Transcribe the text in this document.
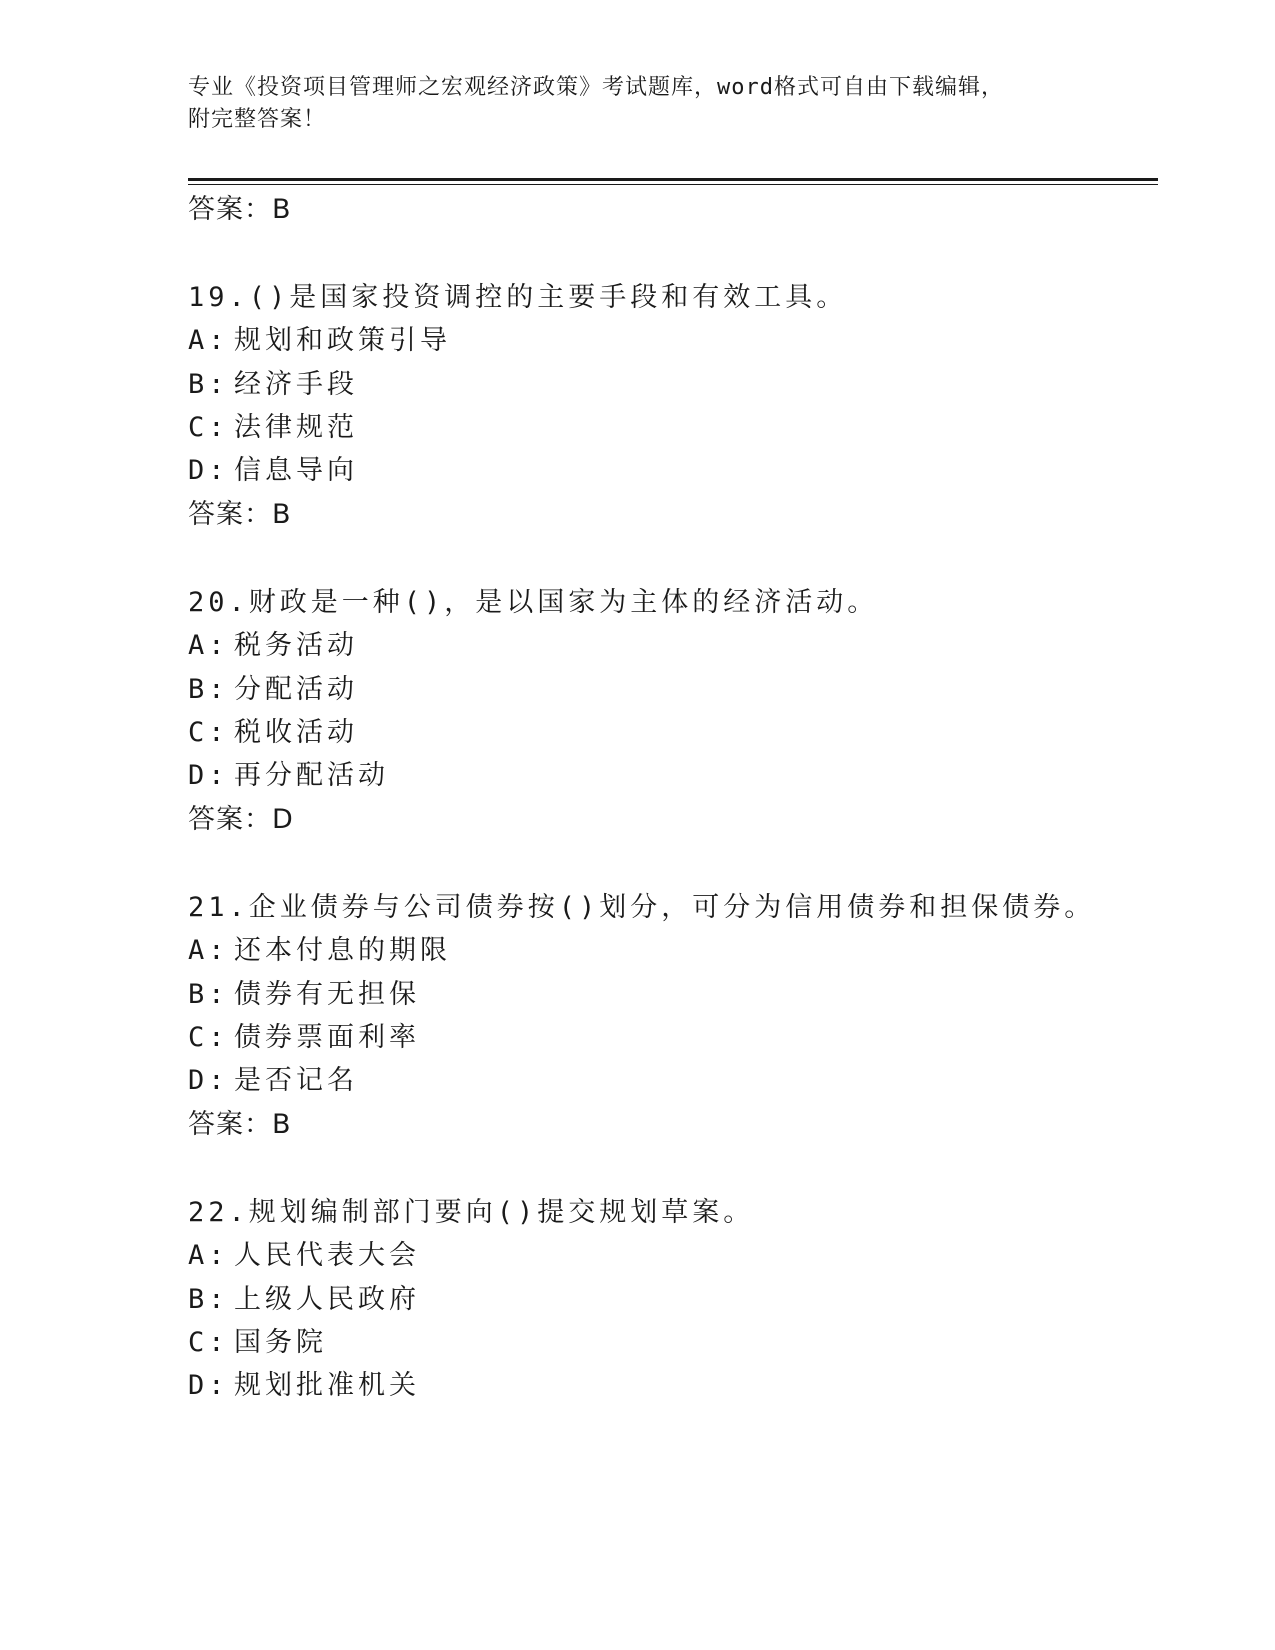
专业《投资项目管理师之宏观经济政策》考试题库，word格式可自由下载编辑，
附完整答案！
答案：B
19.()是国家投资调控的主要手段和有效工具。
A: 规划和政策引导
B: 经济手段
C: 法律规范
D: 信息导向
答案：B
20.财政是一种()，是以国家为主体的经济活动。
A: 税务活动
B: 分配活动
C: 税收活动
D: 再分配活动
答案：D
21.企业债券与公司债券按()划分，可分为信用债券和担保债券。
A: 还本付息的期限
B: 债券有无担保
C: 债券票面利率
D: 是否记名
答案：B
22.规划编制部门要向()提交规划草案。
A: 人民代表大会
B: 上级人民政府
C: 国务院
D: 规划批准机关
